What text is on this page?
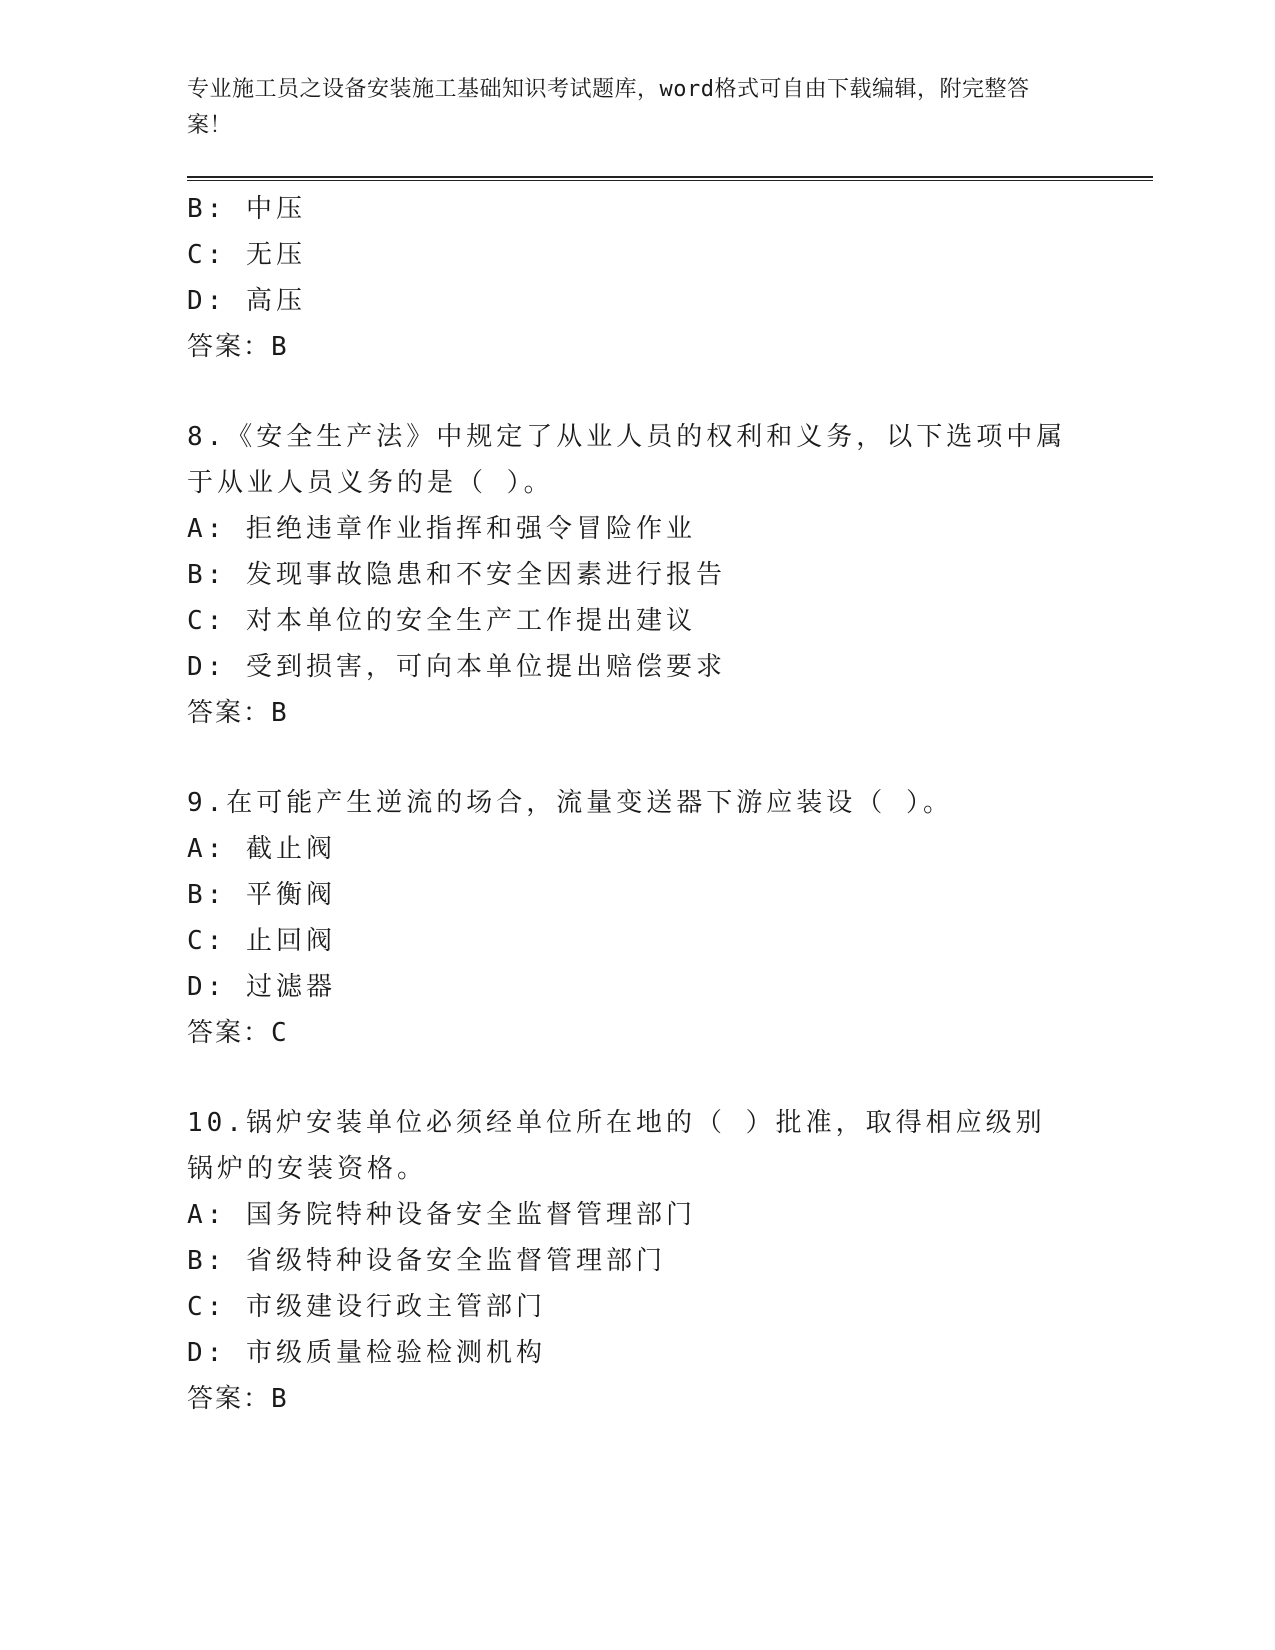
专业施工员之设备安装施工基础知识考试题库，word格式可自由下载编辑，附完整答案！
B: 中压
C: 无压
D: 高压
答案：B
8.《安全生产法》中规定了从业人员的权利和义务，以下选项中属于从业人员义务的是（ ）。
A: 拒绝违章作业指挥和强令冒险作业
B: 发现事故隐患和不安全因素进行报告
C: 对本单位的安全生产工作提出建议
D: 受到损害，可向本单位提出赔偿要求
答案：B
9.在可能产生逆流的场合，流量变送器下游应装设（ ）。
A: 截止阀
B: 平衡阀
C: 止回阀
D: 过滤器
答案：C
10.锅炉安装单位必须经单位所在地的（ ）批准，取得相应级别锅炉的安装资格。
A: 国务院特种设备安全监督管理部门
B: 省级特种设备安全监督管理部门
C: 市级建设行政主管部门
D: 市级质量检验检测机构
答案：B
